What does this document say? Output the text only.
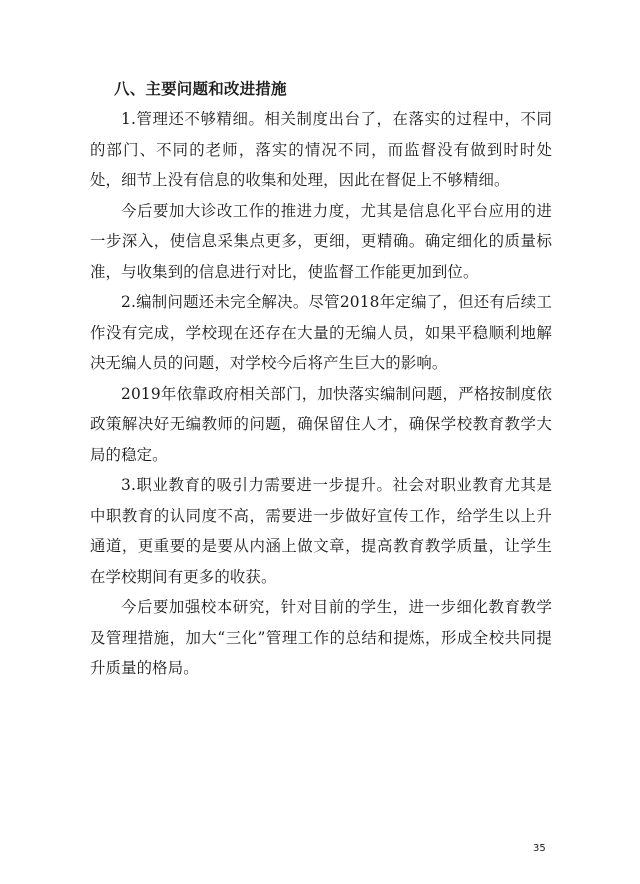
八、主要问题和改进措施

1.管理还不够精细。相关制度出台了，在落实的过程中，不同的部门、不同的老师，落实的情况不同，而监督没有做到时时处处，细节上没有信息的收集和处理，因此在督促上不够精细。

今后要加大诊改工作的推进力度，尤其是信息化平台应用的进一步深入，使信息采集点更多，更细，更精确。确定细化的质量标准，与收集到的信息进行对比，使监督工作能更加到位。

2.编制问题还未完全解决。尽管2018年定编了，但还有后续工作没有完成，学校现在还存在大量的无编人员，如果平稳顺利地解决无编人员的问题，对学校今后将产生巨大的影响。

2019年依靠政府相关部门，加快落实编制问题，严格按制度依政策解决好无编教师的问题，确保留住人才，确保学校教育教学大局的稳定。

3.职业教育的吸引力需要进一步提升。社会对职业教育尤其是中职教育的认同度不高，需要进一步做好宣传工作，给学生以上升通道，更重要的是要从内涵上做文章，提高教育教学质量，让学生在学校期间有更多的收获。

今后要加强校本研究，针对目前的学生，进一步细化教育教学及管理措施，加大“三化”管理工作的总结和提炼，形成全校共同提升质量的格局。

35
